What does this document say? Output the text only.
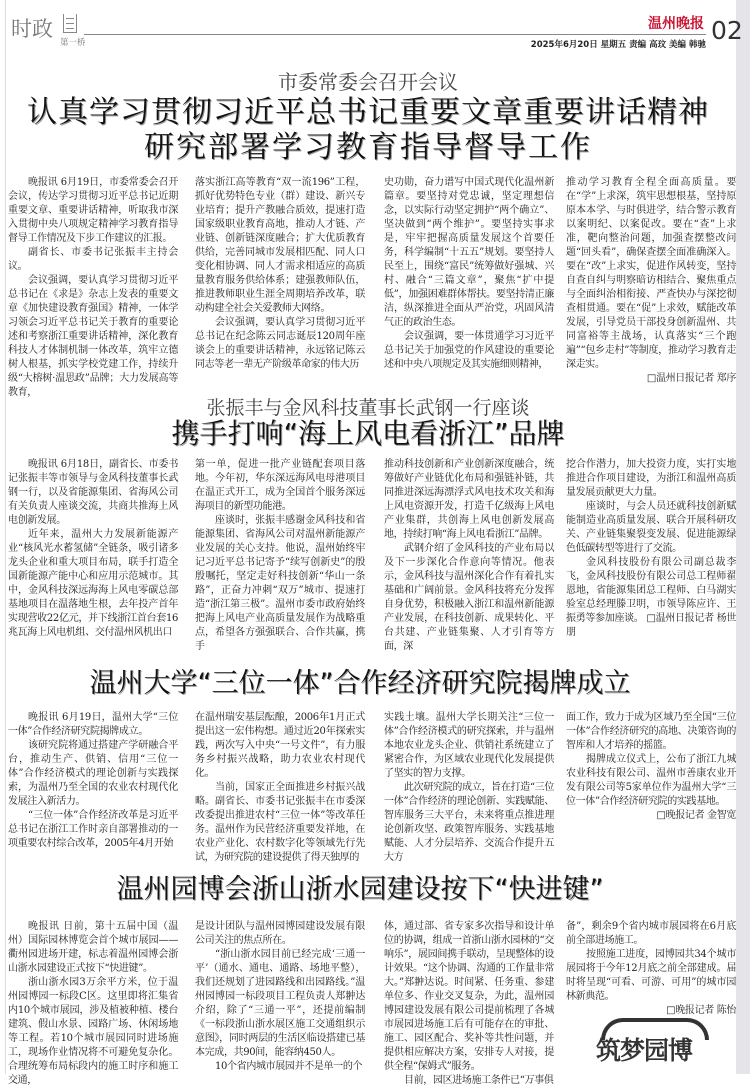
时政
第一桥
温州晚报 02
2025年6月20日 星期五 责编 高玟 美编 韩驰
市委常委会召开会议
认真学习贯彻习近平总书记重要文章重要讲话精神
研究部署学习教育指导督导工作
张振丰与金风科技董事长武钢一行座谈
携手打响“海上风电看浙江”品牌
温州大学“三位一体”合作经济研究院揭牌成立
温州园博会浙山浙水园建设按下“快进键”

晚报讯 6月19日，市委常委会召开会议，传达学习贯彻习近平总书记近期重要文章、重要讲话精神，听取我市深入贯彻中央八项规定精神学习教育指导督导工作情况及下步工作建议的汇报。

副省长、市委书记张振丰主持会议。

会议强调，要认真学习贯彻习近平总书记在《求是》杂志上发表的重要文章《加快建设教育强国》精神，一体学习领会习近平总书记关于教育的重要论述和考察浙江重要讲话精神，深化教育科技人才体制机制一体改革，筑牢立德树人根基，抓实学校党建工作，持续升级“大榕树·温思政”品牌；大力发展高等教育，

落实浙江高等教育“双一流196”工程，抓好优势特色专业（群）建设、新兴专业培育；提升产教融合质效，提速打造国家级职业教育高地，推动人才链、产业链、创新链深度融合；扩大优质教育供给，完善同城市发展相匹配、同人口变化相协调、同人才需求相适应的高质量教育服务供给体系；建强教师队伍，推进教师职业生涯全周期培养改革，联动构建全社会关爱教师大网络。

会议强调，要认真学习贯彻习近平总书记在纪念陈云同志诞辰120周年座谈会上的重要讲话精神，永远铭记陈云同志等老一辈无产阶级革命家的伟大历

史功勋，奋力谱写中国式现代化温州新篇章。要坚持对党忠诚，坚定理想信念，以实际行动坚定拥护“两个确立”、坚决做到“两个维护”。要坚持实事求是，牢牢把握高质量发展这个首要任务，科学编制“十五五”规划。要坚持人民至上，围绕“富民”统筹做好强城、兴村、融合“三篇文章”，聚焦“扩中提低”，加强困难群体帮扶。要坚持清正廉洁，纵深推进全面从严治党，巩固风清气正的政治生态。

会议强调，要一体贯通学习习近平总书记关于加强党的作风建设的重要论述和中央八项规定及其实施细则精神，

推动学习教育全程全面高质量。要在“学”上求深，筑牢思想根基，坚持原原本本学、与时俱进学，结合警示教育以案明纪、以案促改。要在“查”上求准，靶向整治问题，加强查摆整改问题“回头看”，确保查摆全面准确深入。要在“改”上求实，促进作风转变，坚持自查自纠与明察暗访相结合、聚焦重点与全面纠治相衔接、严查快办与深挖彻查相贯通。要在“促”上求效，赋能改革发展，引导党员干部投身创新温州、共同富裕等主战场，认真落实“三个跑遍”“包乡走村”等制度，推动学习教育走深走实。

□温州日报记者 郑序

晚报讯 6月18日，副省长、市委书记张振丰等市领导与金风科技董事长武钢一行，以及省能源集团、省海风公司有关负责人座谈交流，共商共推海上风电创新发展。

近年来，温州大力发展新能源产业“核风光水蓄氢储”全链条，吸引诸多龙头企业和重大项目布局，联手打造全国新能源产能中心和应用示范城市。其中，金风科技深远海海上风电零碳总部基地项目在温落地生根，去年投产首年实现营收22亿元，并下线浙江首台套16兆瓦海上风电机组、交付温州风机出口

第一单，促进一批产业链配套项目落地。今年初，华东深远海风电母港项目在温正式开工，成为全国首个服务深远海项目的新型功能港。

座谈时，张振丰感谢金风科技和省能源集团、省海风公司对温州新能源产业发展的关心支持。他说，温州始终牢记习近平总书记寄予“续写创新史”的殷殷嘱托，坚定走好科技创新“华山一条路”，正奋力冲刺“双万”城市、提速打造“浙江第三极”。温州市委市政府始终把海上风电产业高质量发展作为战略重点，希望各方强强联合、合作共赢，携手

推动科技创新和产业创新深度融合，统筹做好产业链优化布局和强链补链，共同推进深远海漂浮式风电技术攻关和海上风电资源开发，打造千亿级海上风电产业集群，共创海上风电创新发展高地，持续打响“海上风电看浙江”品牌。

武钢介绍了金风科技的产业布局以及下一步深化合作意向等情况。他表示，金风科技与温州深化合作有着扎实基础和广阔前景。金风科技将充分发挥自身优势，积极融入浙江和温州新能源产业发展，在科技创新、成果转化、平台共建、产业链集聚、人才引育等方面，深

挖合作潜力，加大投资力度，实打实地推进合作项目建设，为浙江和温州高质量发展贡献更大力量。

座谈时，与会人员还就科技创新赋能制造业高质量发展、联合开展科研攻关、产业链集聚裂变发展、促进能源绿色低碳转型等进行了交流。

金风科技股份有限公司副总裁李飞，金风科技股份有限公司总工程师翟恩地，省能源集团总工程师、白马湖实验室总经理滕卫明，市领导陈应许、王振勇等参加座谈。 □温州日报记者 杨世朋

晚报讯 6月19日，温州大学“三位一体”合作经济研究院揭牌成立。

该研究院将通过搭建产学研融合平台，推动生产、供销、信用“三位一体”合作经济模式的理论创新与实践探索，为温州乃至全国的农业农村现代化发展注入新活力。

“三位一体”合作经济改革是习近平总书记在浙江工作时亲自部署推动的一项重要农村综合改革，2005年4月开始

在温州瑞安基层酝酿，2006年1月正式提出这一宏伟构想。通过近20年探索实践，两次写入中央“一号文件”，有力服务乡村振兴战略，助力农业农村现代化。

当前，国家正全面推进乡村振兴战略。副省长、市委书记张振丰在市委深改委提出推进农村“三位一体”等改革任务。温州作为民营经济重要发祥地，在农业产业化、农村数字化等领域先行先试，为研究院的建设提供了得天独厚的

实践土壤。温州大学长期关注“三位一体”合作经济模式的研究探索，并与温州本地农业龙头企业、供销社系统建立了紧密合作，为区域农业现代化发展提供了坚实的智力支撑。

此次研究院的成立，旨在打造“三位一体”合作经济的理论创新、实践赋能、智库服务三大平台，未来将重点推进理论创新攻坚、政策智库服务、实践基地赋能、人才分层培养、交流合作提升五大方

面工作，致力于成为区域乃至全国“三位一体”合作经济研究的高地、决策咨询的智库和人才培养的摇篮。

揭牌成立仪式上，公布了浙江九城农业科技有限公司、温州市善康农业开发有限公司等5家单位作为温州大学“三位一体”合作经济研究院的实践基地。

□晚报记者 金智宽

晚报讯 日前，第十五届中国（温州）国际园林博览会首个城市展园——衢州园进场开建，标志着温州园博会浙山浙水园建设正式按下“快进键”。

浙山浙水园3万余平方米，位于温州园博园一标段C区。这里即将汇集省内10个城市展园，涉及植被种植、楼台建筑、假山水景、园路广场、休闲场地等工程。若10个城市展园同时进场施工，现场作业情况将不可避免复杂化。合理统筹布局标段内的施工时序和施工交通，

是设计团队与温州园博园建设发展有限公司关注的焦点所在。

“浙山浙水园目前已经完成‘三通一平’（通水、通电、通路、场地平整），我们还规划了进园路线和出园路线。”温州园博园一标段项目工程负责人郑翀达介绍，除了“三通一平”，还提前编制《一标段浙山浙水展区施工交通组织示意图》，同时两层的生活区临设搭建已基本完成，共90间，能容纳450人。

10个省内城市展园并不是单一的个

体，通过部、省专家多次指导和设计单位的协调，组成一首浙山浙水园林的“交响乐”，展园间携手联动，呈现整体的设计效果。“这个协调、沟通的工作量非常大。”郑翀达说。时间紧、任务重、参建单位多、作业交叉复杂，为此，温州园博园建设发展有限公司提前梳理了各城市展园进场施工后有可能存在的审批、施工、园区配合、奖补等共性问题，并提供相应解决方案，安排专人对接，提供全程“保姆式”服务。

目前，园区进场施工条件已“万事俱

备”，剩余9个省内城市展园将在6月底前全部进场施工。

按照施工进度，园博园共34个城市展园将于今年12月底之前全部建成。届时将呈现“可看、可游、可用”的城市园林新典范。

□晚报记者 陈怡

筑梦园博
